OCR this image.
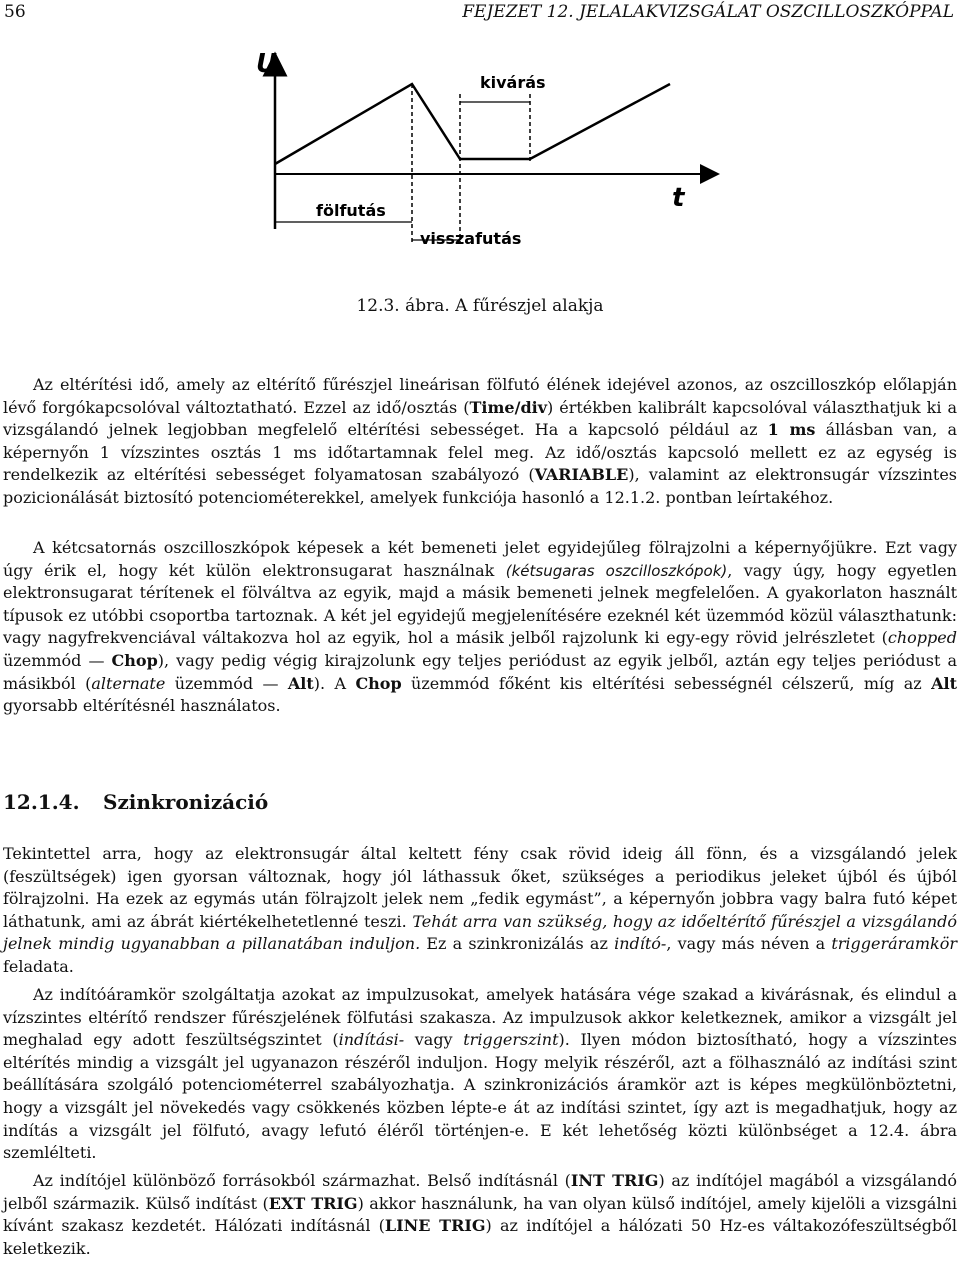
56	FEJEZET 12. JELALAKVIZSGÁLAT OSZCILLOSZKÓPPAL
U
t
kivárás
fölfutás
visszafutás
12.3. ábra. A fűrészjel alakja

Az eltérítési idő, amely az eltérítő fűrészjel lineárisan fölfutó élének idejével azonos, az oszcilloszkóp előlapján lévő forgókapcsolóval változtatható. Ezzel az idő/osztás (Time/div) értékben kalibrált kapcsolóval választhatjuk ki a vizsgálandó jelnek legjobban megfelelő eltérítési sebességet. Ha a kapcsoló például az 1 ms állásban van, a képernyőn 1 vízszintes osztás 1 ms időtartamnak felel meg. Az idő/osztás kapcsoló mellett ez az egység is rendelkezik az eltérítési sebességet folyamatosan szabályozó (VARIABLE), valamint az elektronsugár vízszintes pozicionálását biztosító potenciométerekkel, amelyek funkciója hasonló a 12.1.2. pontban leírtakéhoz.

A kétcsatornás oszcilloszkópok képesek a két bemeneti jelet egyidejűleg fölrajzolni a képernyőjükre. Ezt vagy úgy érik el, hogy két külön elektronsugarat használnak (kétsugaras oszcilloszkópok), vagy úgy, hogy egyetlen elektronsugarat térítenek el fölváltva az egyik, majd a másik bemeneti jelnek megfelelően. A gyakorlaton használt típusok ez utóbbi csoportba tartoznak. A két jel egyidejű megjelenítésére ezeknél két üzemmód közül választhatunk: vagy nagyfrekvenciával váltakozva hol az egyik, hol a másik jelből rajzolunk ki egy-egy rövid jelrészletet (chopped üzemmód — Chop), vagy pedig végig kirajzolunk egy teljes periódust az egyik jelből, aztán egy teljes periódust a másikból (alternate üzemmód — Alt). A Chop üzemmód főként kis eltérítési sebességnél célszerű, míg az Alt gyorsabb eltérítésnél használatos.

12.1.4. Szinkronizáció

Tekintettel arra, hogy az elektronsugár által keltett fény csak rövid ideig áll fönn, és a vizsgálandó jelek (feszültségek) igen gyorsan változnak, hogy jól láthassuk őket, szükséges a periodikus jeleket újból és újból fölrajzolni. Ha ezek az egymás után fölrajzolt jelek nem „fedik egymást”, a képernyőn jobbra vagy balra futó képet láthatunk, ami az ábrát kiértékelhetetlenné teszi. Tehát arra van szükség, hogy az időeltérítő fűrészjel a vizsgálandó jelnek mindig ugyanabban a pillanatában induljon. Ez a szinkronizálás az indító-, vagy más néven a triggeráramkör feladata.

Az indítóáramkör szolgáltatja azokat az impulzusokat, amelyek hatására vége szakad a kivárásnak, és elindul a vízszintes eltérítő rendszer fűrészjelének fölfutási szakasza. Az impulzusok akkor keletkeznek, amikor a vizsgált jel meghalad egy adott feszültségszintet (indítási- vagy triggerszint). Ilyen módon biztosítható, hogy a vízszintes eltérítés mindig a vizsgált jel ugyanazon részéről induljon. Hogy melyik részéről, azt a fölhasználó az indítási szint beállítására szolgáló potenciométerrel szabályozhatja. A szinkronizációs áramkör azt is képes megkülönböztetni, hogy a vizsgált jel növekedés vagy csökkenés közben lépte-e át az indítási szintet, így azt is megadhatjuk, hogy az indítás a vizsgált jel fölfutó, avagy lefutó éléről történjen-e. E két lehetőség közti különbséget a 12.4. ábra szemlélteti.

Az indítójel különböző forrásokból származhat. Belső indításnál (INT TRIG) az indítójel magából a vizsgálandó jelből származik. Külső indítást (EXT TRIG) akkor használunk, ha van olyan külső indítójel, amely kijelöli a vizsgálni kívánt szakasz kezdetét. Hálózati indításnál (LINE TRIG) az indítójel a hálózati 50 Hz-es váltakozófeszültségből keletkezik.
